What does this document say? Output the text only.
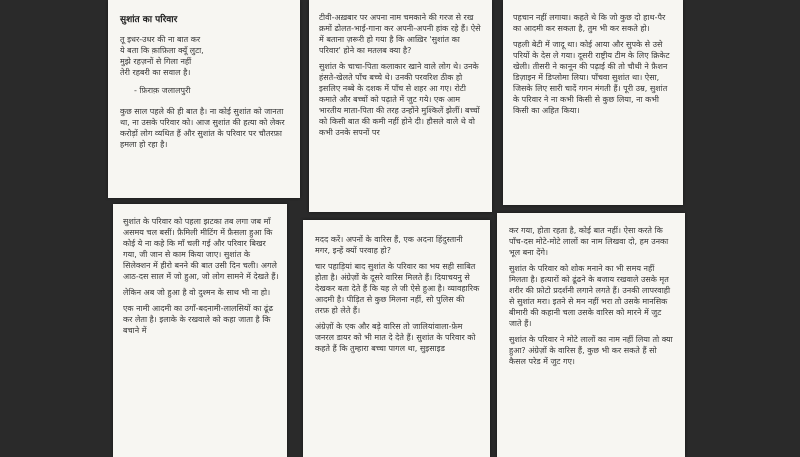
सुशांत का परिवार

तू इधर-उधर की ना बात कर
ये बता कि क़ाफ़िला क्यूँ लुटा,
मुझे रहज़नों से गिला नहीं
तेरी रहबरी का सवाल है।

- फ़िराक़ जलालपुरी

कुछ साल पहले की ही बात है। ना कोई सुशांत को जानता था, ना उसके परिवार को। आज सुशांत की हत्या को लेकर करोड़ों लोग व्यथित हैं और सुशांत के परिवार पर चौतरफ़ा हमला हो रहा है।

सुशांत के परिवार को पहला झटका तब लगा जब माँ असमय चल बसीं। फ़ैमिली मीटिंग में फ़ैसला हुआ कि कोई ये ना कहे कि माँ चली गई और परिवार बिखर गया, जी जान से काम किया जाए। सुशांत के सिलेक्शन में हीरो बनने की बात उसी दिन चली। अगले आठ-दस साल में जो हुआ, जो लोग सामने में देखते हैं।

लेकिन अब जो हुआ है वो दुश्मन के साथ भी ना हो।

एक नामी आदमी का उगाँ-बदनामी-लालसियों का ढूंढ कर लेता है। इलाके के रखवाले को कहा जाता है कि बचाने में

टीवी-अख़बार पर अपना नाम चमकाने की गरज से रख क्रमों ढोलत-भाई-गाना कर अपनी-अपनी हांक रहे हैं। ऐसे में बताना ज़रूरी हो गया है कि आख़िर 'सुशांत का परिवार' होने का मतलब क्या है?

सुशांत के चाचा-पिता कलाकार खाने वाले लोग थे। उनके हंसते-खेलते पाँच बच्चे थे। उनकी परवरिश ठीक हो इसलिए नब्बे के दशक में पाँच से शहर आ गए। रोटी कमाते और बच्चों को पढ़ाते में जुट गये। एक आम भारतीय माता-पिता की तरह उन्होंने मुश्किलें झेलीं। बच्चों को किसी बात की कमी नहीं होने दी। हौसले वाले थे वो कभी उनके सपनों पर

मदद करें। अपनों के वारिस हैं, एक अदना हिंदुस्तानी मगर, इन्हें क्यों परवाह हो?

चार पहाड़ियां बाद सुशांत के परिवार का भय सही साबित होता है। अंग्रेज़ों के दूसरे वारिस मिलते हैं। दियाचयनु से देखकर बता देते हैं कि यह ले जी ऐसे हुआ है। व्यावहारिक आदमी है। पीड़ित से कुछ मिलना नहीं, सो पुलिस की तरफ़ हो लेते हैं।

अंग्रेज़ों के एक और बड़े वारिस तो जालियांवाला-फ़ेम जनरल डायर को भी मात दे देते हैं। सुशांत के परिवार को कहते हैं कि तुम्हारा बच्चा पागल था, सुइसाइड

पहचान नहीं लगाया। कहते थे कि जो कुछ दो हाथ-पैर का आदमी कर सकता है, तुम भी कर सकते हो।

पहली बेटी में जादू था। कोई आया और सुपके से उसे परियों के देस ले गया। दूसरी राष्ट्रीय टीम के लिए क्रिकेट खेली। तीसरी ने कानून की पढ़ाई की तो चौथी ने फ़ैशन डिज़ाइन में डिप्लोमा लिया। पाँचवा सुशांत था। ऐसा, जिसके लिए सारी चादें गगन मंगती हैं। पूरी उम्र, सुशांत के परिवार ने ना कभी किसी से कुछ लिया, ना कभी किसी का अहित किया।

कर गया, होता रहता है, कोई बात नहीं। ऐसा करते कि पाँच-दस मोटे-मोटे लालों का नाम लिखवा दो, हम उनका भूल बना देंगे।

सुशांत के परिवार को शोक मनाने का भी समय नहीं मिलता है। हत्यारों को ढूंढने के बजाय रखवाले उसके मृत शरीर की फ़ोटो प्रदर्शनी लगाने लगते हैं। उनकी लापरवाही से सुशांत मरा। इतने से मन नहीं भरा तो उसके मानसिक बीमारी की कहानी चला उसके वारिस को मारने में जुट जाते हैं।

सुशांत के परिवार ने मोटे लालों का नाम नहीं लिया तो क्या हुआ? अंग्रेज़ों के वारिस हैं, कुछ भी कर सकते हैं सो कैसल परेड में जुट गए।
